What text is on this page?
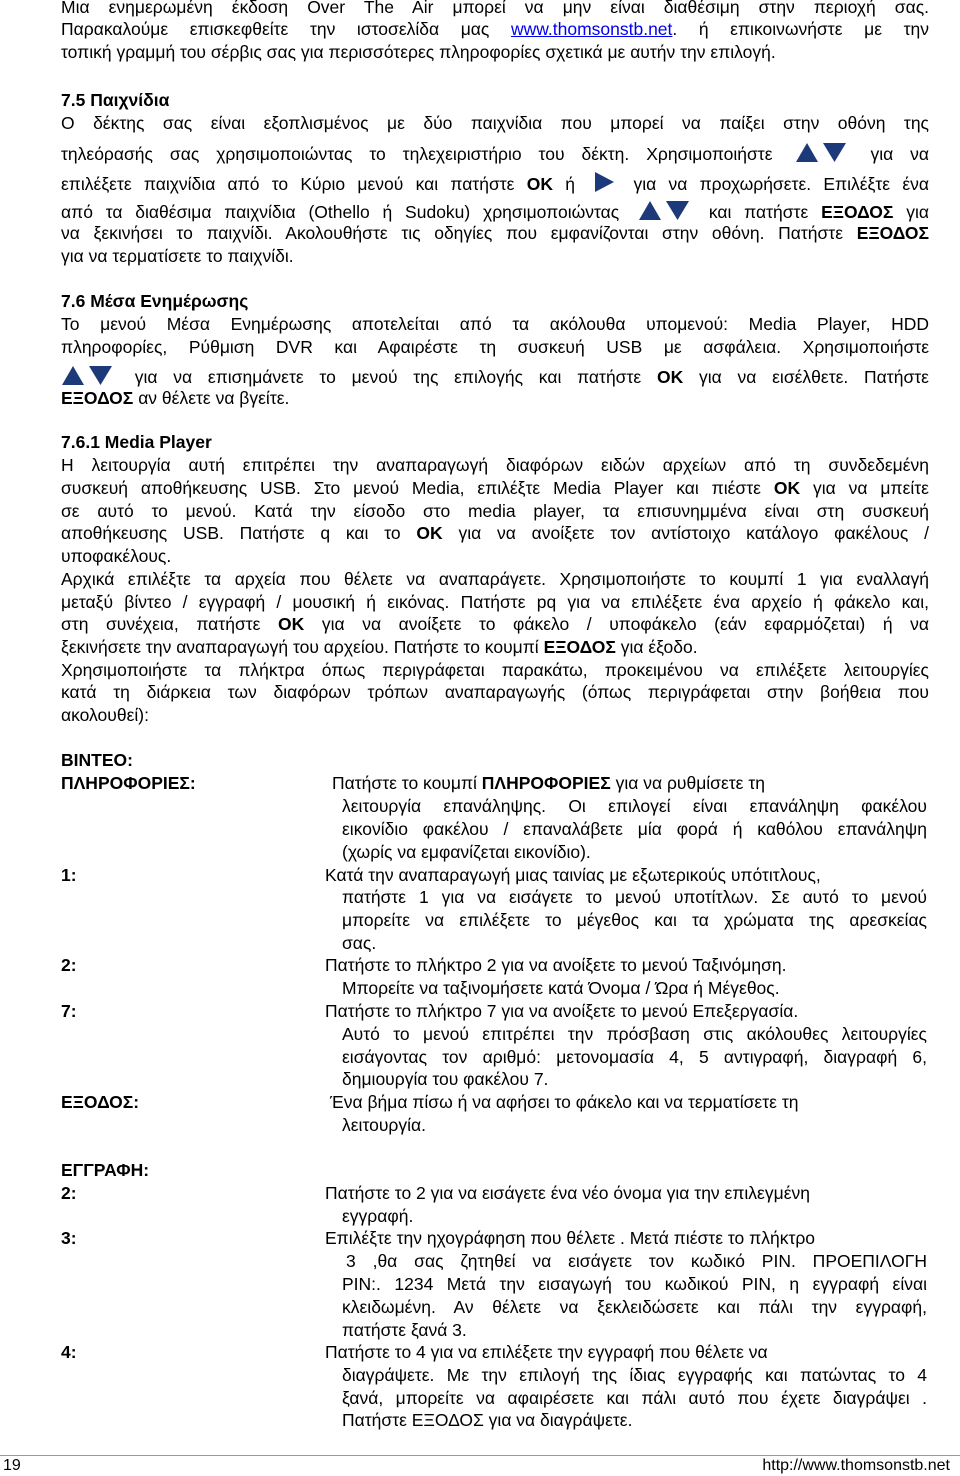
Μια ενημερωμένη έκδοση Over The Air μπορεί να μην είναι διαθέσιμη στην περιοχή σας.
Παρακαλούμε επισκεφθείτε την ιστοσελίδα μας www.thomsonstb.net. ή επικοινωνήστε με την
τοπική γραμμή του σέρβις σας για περισσότερες πληροφορίες σχετικά με αυτήν την επιλογή.
7.5 Παιχνίδια
Ο δέκτης σας είναι εξοπλισμένος με δύο παιχνίδια που μπορεί να παίξει στην οθόνη της
τηλεόρασής σας χρησιμοποιώντας το τηλεχειριστήριο του δέκτη. Χρησιμοποιήστε	για να
επιλέξετε παιχνίδια από το Κύριο μενού και πατήστε OK ή	για να προχωρήσετε. Επιλέξτε ένα
από τα διαθέσιμα παιχνίδια (Othello ή Sudoku) χρησιμοποιώντας	και πατήστε ΕΞΟΔΟΣ για
να ξεκινήσει το παιχνίδι. Ακολουθήστε τις οδηγίες που εμφανίζονται στην οθόνη. Πατήστε ΕΞΟΔΟΣ
για να τερματίσετε το παιχνίδι.
7.6 Μέσα Ενημέρωσης
Το μενού Μέσα Ενημέρωσης αποτελείται από τα ακόλουθα υπομενού: Media Player, HDD
πληροφορίες, Ρύθμιση DVR και Αφαιρέστε τη συσκευή USB με ασφάλεια. Χρησιμοποιήστε
για να επισημάνετε το μενού της επιλογής και πατήστε OK για να εισέλθετε. Πατήστε
ΕΞΟΔΟΣ αν θέλετε να βγείτε.
7.6.1 Media Player
Η λειτουργία αυτή επιτρέπει την αναπαραγωγή διαφόρων ειδών αρχείων από τη συνδεδεμένη
συσκευή αποθήκευσης USB. Στο μενού Media, επιλέξτε Media Player και πιέστε OK για να μπείτε
σε αυτό το μενού. Κατά την είσοδο στο media player, τα επισυνημμένα είναι στη συσκευή
αποθήκευσης USB. Πατήστε q και το OK για να ανοίξετε τον αντίστοιχο κατάλογο φακέλους /
υποφακέλους.
Αρχικά επιλέξτε τα αρχεία που θέλετε να αναπαράγετε. Χρησιμοποιήστε το κουμπί 1 για εναλλαγή
μεταξύ βίντεο / εγγραφή / μουσική ή εικόνας. Πατήστε pq για να επιλέξετε ένα αρχείο ή φάκελο και,
στη συνέχεια, πατήστε OK για να ανοίξετε το φάκελο / υποφάκελο (εάν εφαρμόζεται) ή να
ξεκινήσετε την αναπαραγωγή του αρχείου. Πατήστε το κουμπί ΕΞΟΔΟΣ για έξοδο.
Χρησιμοποιήστε τα πλήκτρα όπως περιγράφεται παρακάτω, προκειμένου να επιλέξετε λειτουργίες
κατά τη διάρκεια των διαφόρων τρόπων αναπαραγωγής (όπως περιγράφεται στην βοήθεια που
ακολουθεί):
ΒΙΝΤΕΟ:
ΠΛΗΡΟΦΟΡΙΕΣ:	Πατήστε το κουμπί ΠΛΗΡΟΦΟΡΙΕΣ για να ρυθμίσετε τη
λειτουργία επανάληψης. Οι επιλογεί είναι επανάληψη φακέλου
εικονίδιο φακέλου / επαναλάβετε μία φορά ή καθόλου επανάληψη
(χωρίς να εμφανίζεται εικονίδιο).
1:	Κατά την αναπαραγωγή μιας ταινίας με εξωτερικούς υπότιτλους,
πατήστε 1 για να εισάγετε το μενού υποτίτλων. Σε αυτό το μενού
μπορείτε να επιλέξετε το μέγεθος και τα χρώματα της αρεσκείας
σας.
2:	Πατήστε το πλήκτρο 2 για να ανοίξετε το μενού Ταξινόμηση.
Μπορείτε να ταξινομήσετε κατά Όνομα / Ώρα ή Μέγεθος.
7:	Πατήστε το πλήκτρο 7 για να ανοίξετε το μενού Επεξεργασία.
Αυτό το μενού επιτρέπει την πρόσβαση στις ακόλουθες λειτουργίες
εισάγοντας τον αριθμό: μετονομασία 4, 5 αντιγραφή, διαγραφή 6,
δημιουργία του φακέλου 7.
ΕΞΟΔΟΣ:	Ένα βήμα πίσω ή να αφήσει το φάκελο και να τερματίσετε τη
λειτουργία.
ΕΓΓΡΑΦΗ:
2:	Πατήστε το 2 για να εισάγετε ένα νέο όνομα για την επιλεγμένη
εγγραφή.
3:	Επιλέξτε την ηχογράφηση που θέλετε . Μετά πιέστε το πλήκτρο
3 ,θα σας ζητηθεί να εισάγετε τον κωδικό PIN. ΠΡΟΕΠΙΛΟΓΗ
PIN:. 1234 Μετά την εισαγωγή του κωδικού PIN, η εγγραφή είναι
κλειδωμένη. Αν θέλετε να ξεκλειδώσετε και πάλι την εγγραφή,
πατήστε ξανά 3.
4:	Πατήστε το 4 για να επιλέξετε την εγγραφή που θέλετε να
διαγράψετε. Με την επιλογή της ίδιας εγγραφής και πατώντας το 4
ξανά, μπορείτε να αφαιρέσετε και πάλι αυτό που έχετε διαγράψει .
Πατήστε ΕΞΟΔΟΣ για να διαγράψετε.
19	http://www.thomsonstb.net
